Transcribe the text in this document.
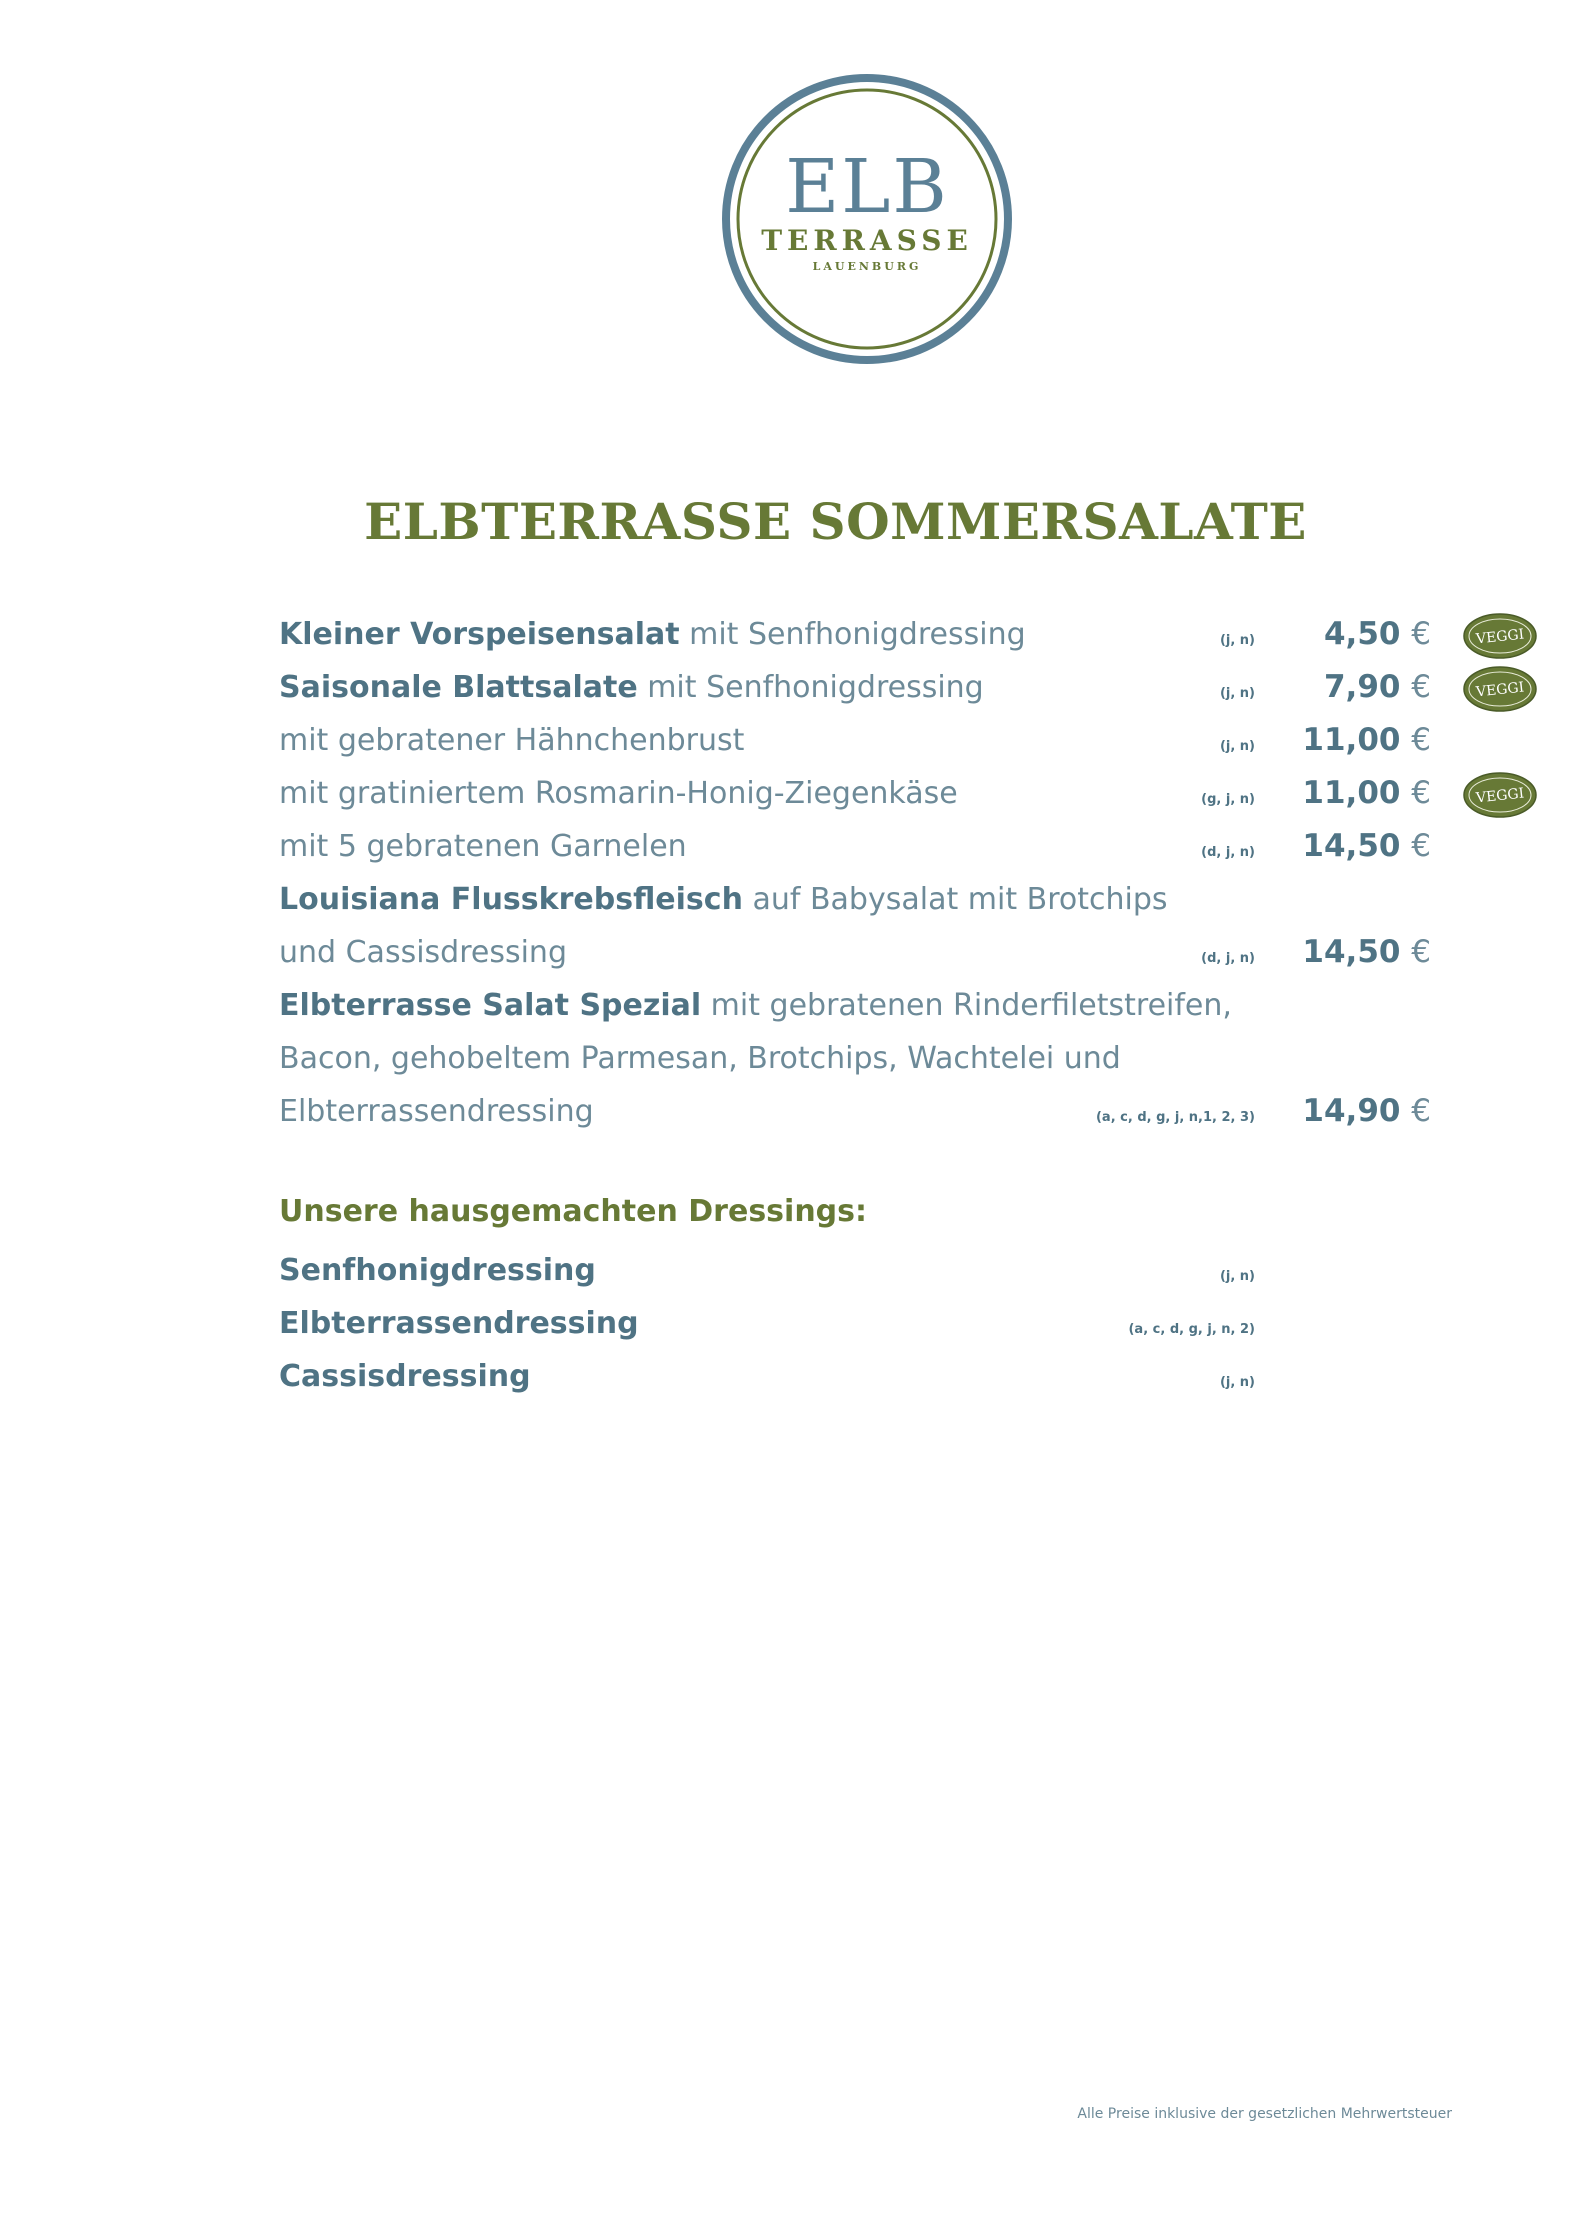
ELB
TERRASSE
LAUENBURG
ELBTERRASSE SOMMERSALATE
Kleiner Vorspeisensalat mit Senfhonigdressing	(j, n)	4,50 €	VEGGI
Saisonale Blattsalate mit Senfhonigdressing	(j, n)	7,90 €	VEGGI
mit gebratener Hähnchenbrust	(j, n)	11,00 €
mit gratiniertem Rosmarin-Honig-Ziegenkäse	(g, j, n)	11,00 €	VEGGI
mit 5 gebratenen Garnelen	(d, j, n)	14,50 €
Louisiana Flusskrebsfleisch auf Babysalat mit Brotchips
und Cassisdressing	(d, j, n)	14,50 €
Elbterrasse Salat Spezial mit gebratenen Rinderfiletstreifen,
Bacon, gehobeltem Parmesan, Brotchips, Wachtelei und
Elbterrassendressing	(a, c, d, g, j, n,1, 2, 3)	14,90 €
Unsere hausgemachten Dressings:
Senfhonigdressing	(j, n)
Elbterrassendressing	(a, c, d, g, j, n, 2)
Cassisdressing	(j, n)
Alle Preise inklusive der gesetzlichen Mehrwertsteuer
